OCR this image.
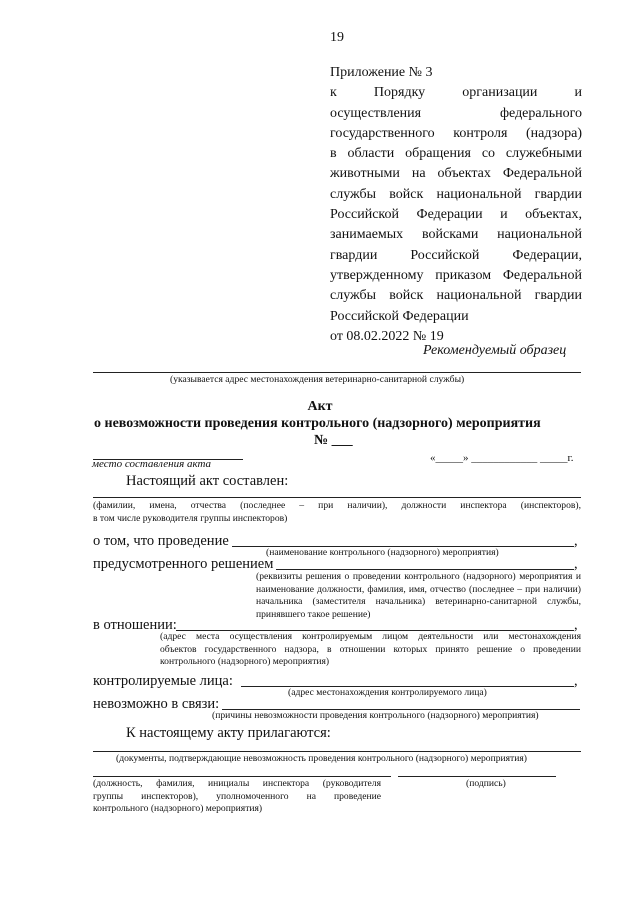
19
Приложение № 3
к Порядку организации и
осуществления федерального
государственного контроля (надзора)
в области обращения со служебными
животными на объектах Федеральной
службы войск национальной гвардии
Российской Федерации и объектах,
занимаемых войсками национальной
гвардии Российской Федерации,
утвержденному приказом Федеральной
службы войск национальной гвардии
Российской Федерации
от 08.02.2022 № 19
Рекомендуемый образец
(указывается адрес местонахождения ветеринарно-санитарной службы)
Акт
о невозможности проведения контрольного (надзорного) мероприятия
№ ___
место составления акта	«_____» ____________ _____г.
Настоящий акт составлен:
(фамилии, имена, отчества (последнее – при наличии), должности инспектора (инспекторов),
в том числе руководителя группы инспекторов)
о том, что проведение	,
(наименование контрольного (надзорного) мероприятия)
предусмотренного решением	,
(реквизиты решения о проведении контрольного (надзорного) мероприятия и
наименование должности, фамилия, имя, отчество (последнее – при наличии)
начальника (заместителя начальника) ветеринарно-санитарной службы,
принявшего такое решение)
в отношении:	,
(адрес места осуществления контролируемым лицом деятельности или местонахождения
объектов государственного надзора, в отношении которых принято решение о проведении
контрольного (надзорного) мероприятия)
контролируемые лица:	,
(адрес местонахождения контролируемого лица)
невозможно в связи:
(причины невозможности проведения контрольного (надзорного) мероприятия)
К настоящему акту прилагаются:
(документы, подтверждающие невозможность проведения контрольного (надзорного) мероприятия)
(должность, фамилия, инициалы инспектора (руководителя
группы инспекторов), уполномоченного на проведение
контрольного (надзорного) мероприятия)
(подпись)
